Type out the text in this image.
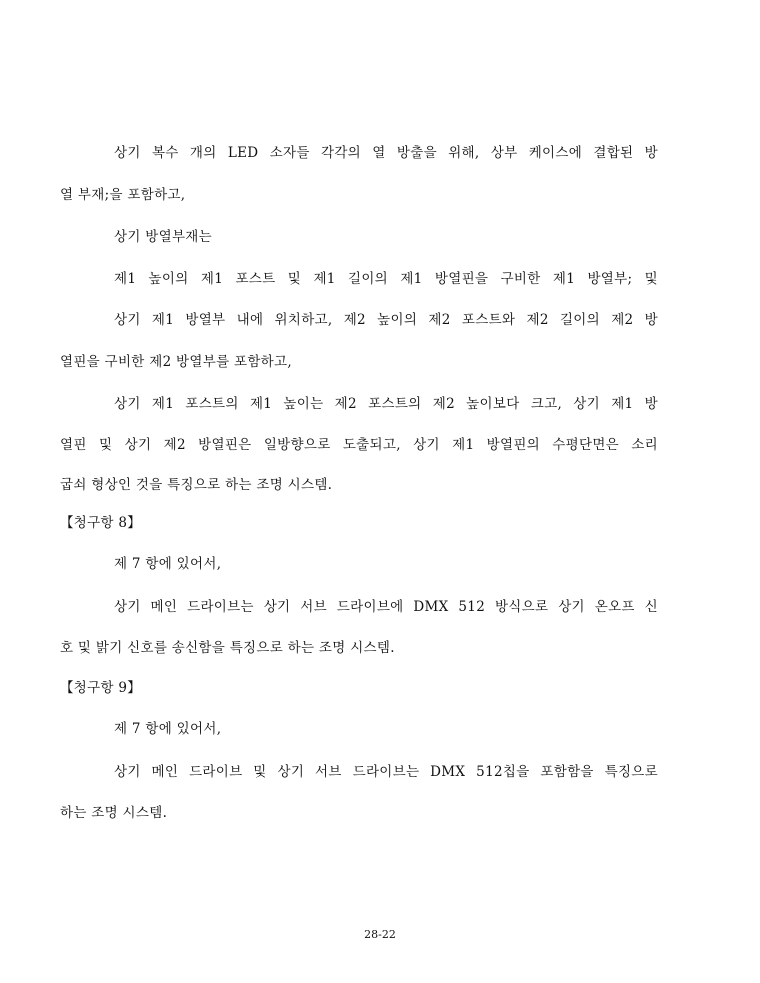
상기 복수 개의 LED 소자들 각각의 열 방출을 위해, 상부 케이스에 결합된 방
열 부재;을 포함하고,
상기 방열부재는
제1 높이의 제1 포스트 및 제1 길이의 제1 방열핀을 구비한 제1 방열부; 및
상기 제1 방열부 내에 위치하고, 제2 높이의 제2 포스트와 제2 길이의 제2 방
열핀을 구비한 제2 방열부를 포함하고,
상기 제1 포스트의 제1 높이는 제2 포스트의 제2 높이보다 크고, 상기 제1 방
열핀 및 상기 제2 방열핀은 일방향으로 도출되고, 상기 제1 방열핀의 수평단면은 소리
굽쇠 형상인 것을 특징으로 하는 조명 시스템.
【청구항 8】
제 7 항에 있어서,
상기 메인 드라이브는 상기 서브 드라이브에 DMX 512 방식으로 상기 온오프 신
호 및 밝기 신호를 송신함을 특징으로 하는 조명 시스템.
【청구항 9】
제 7 항에 있어서,
상기 메인 드라이브 및 상기 서브 드라이브는 DMX 512칩을 포함함을 특징으로
하는 조명 시스템.
28-22
